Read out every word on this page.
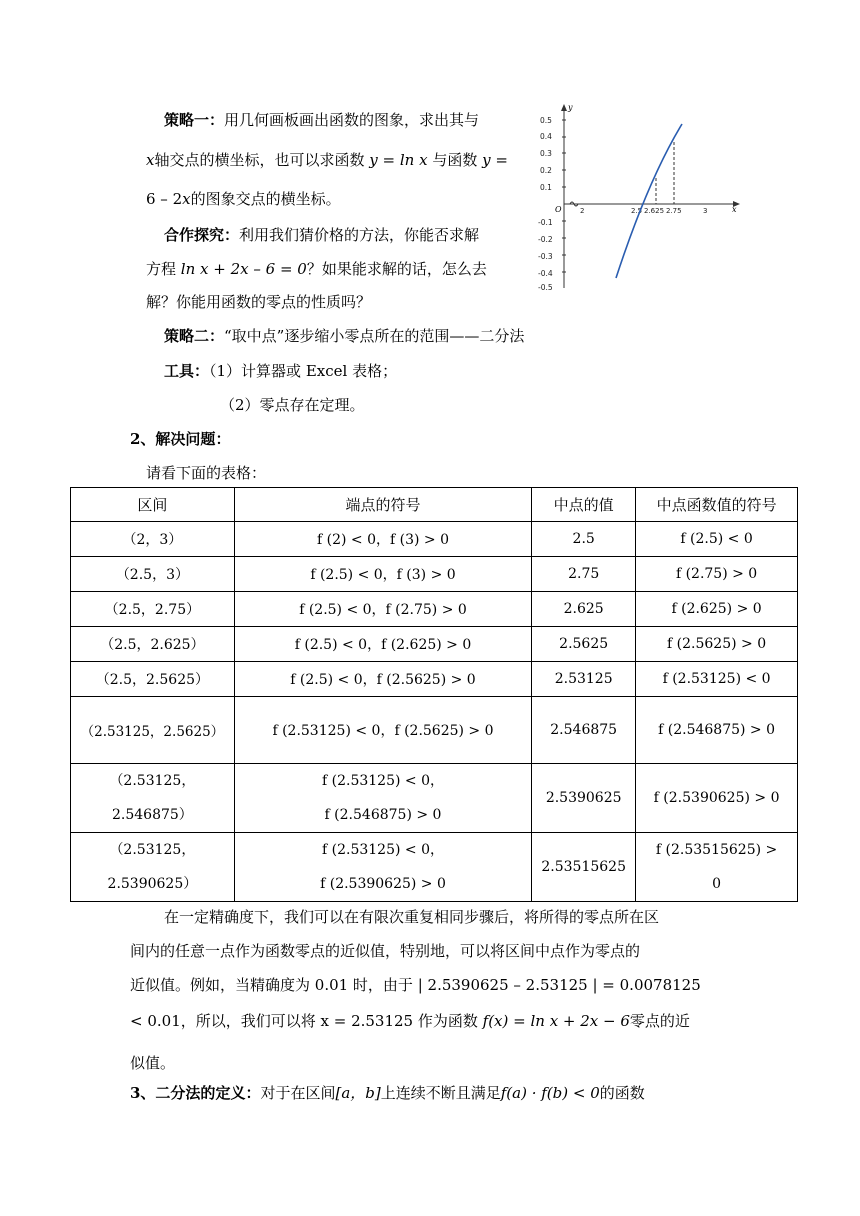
策略一：用几何画板画出函数的图象，求出其与
x轴交点的横坐标，也可以求函数 y = ln x 与函数 y =
6 – 2x的图象交点的横坐标。
合作探究：利用我们猜价格的方法，你能否求解
方程 ln x + 2x – 6 = 0？如果能求解的话，怎么去
解？你能用函数的零点的性质吗？
策略二：“取中点”逐步缩小零点所在的范围——二分法
工具：（1）计算器或 Excel 表格；
（2）零点存在定理。
2、解决问题：
请看下面的表格：
y
x
O
0.5
0.4
0.3
0.2
0.1
-0.1
-0.2
-0.3
-0.4
-0.5
2	2.5 2.625 2.75	3
区间	端点的符号	中点的值	中点函数值的符号
（2，3）	f (2) < 0，f (3) > 0	2.5	f (2.5) < 0
（2.5，3）	f (2.5) < 0，f (3) > 0	2.75	f (2.75) > 0
（2.5，2.75）	f (2.5) < 0，f (2.75) > 0	2.625	f (2.625) > 0
（2.5，2.625）	f (2.5) < 0，f (2.625) > 0	2.5625	f (2.5625) > 0
（2.5，2.5625）	f (2.5) < 0，f (2.5625) > 0	2.53125	f (2.53125) < 0
（2.53125，2.5625）	f (2.53125) < 0，f (2.5625) > 0	2.546875	f (2.546875) > 0

（2.53125，
2.546875）	f (2.53125) < 0，
f (2.546875) > 0	2.5390625	f (2.5390625) > 0

（2.53125，
2.5390625）	f (2.53125) < 0，
f (2.5390625) > 0	2.53515625	f (2.53515625) >
0
在一定精确度下，我们可以在有限次重复相同步骤后，将所得的零点所在区
间内的任意一点作为函数零点的近似值，特别地，可以将区间中点作为零点的
近似值。例如，当精确度为 0.01 时，由于 | 2.5390625 – 2.53125 | = 0.0078125
< 0.01，所以，我们可以将 x = 2.53125 作为函数 f(x) = ln x + 2x − 6零点的近
似值。
3、二分法的定义：对于在区间[a，b]上连续不断且满足f(a) · f(b) < 0的函数
